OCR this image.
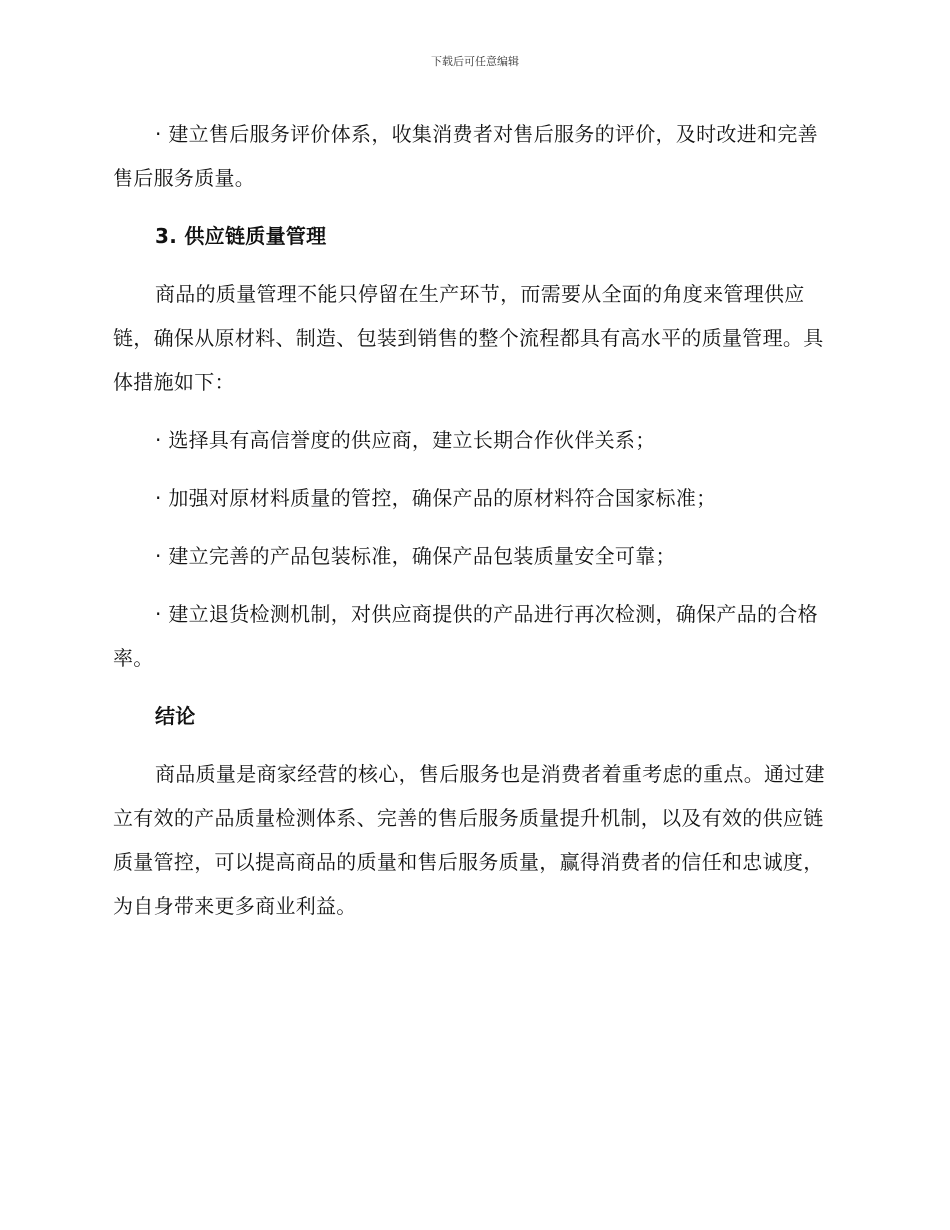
下载后可任意编辑

· 建立售后服务评价体系，收集消费者对售后服务的评价，及时改进和完善售后服务质量。

3. 供应链质量管理

商品的质量管理不能只停留在生产环节，而需要从全面的角度来管理供应链，确保从原材料、制造、包装到销售的整个流程都具有高水平的质量管理。具体措施如下：

· 选择具有高信誉度的供应商，建立长期合作伙伴关系；

· 加强对原材料质量的管控，确保产品的原材料符合国家标准；

· 建立完善的产品包装标准，确保产品包装质量安全可靠；

· 建立退货检测机制，对供应商提供的产品进行再次检测，确保产品的合格率。

结论

商品质量是商家经营的核心，售后服务也是消费者着重考虑的重点。通过建立有效的产品质量检测体系、完善的售后服务质量提升机制，以及有效的供应链质量管控，可以提高商品的质量和售后服务质量，赢得消费者的信任和忠诚度，为自身带来更多商业利益。
